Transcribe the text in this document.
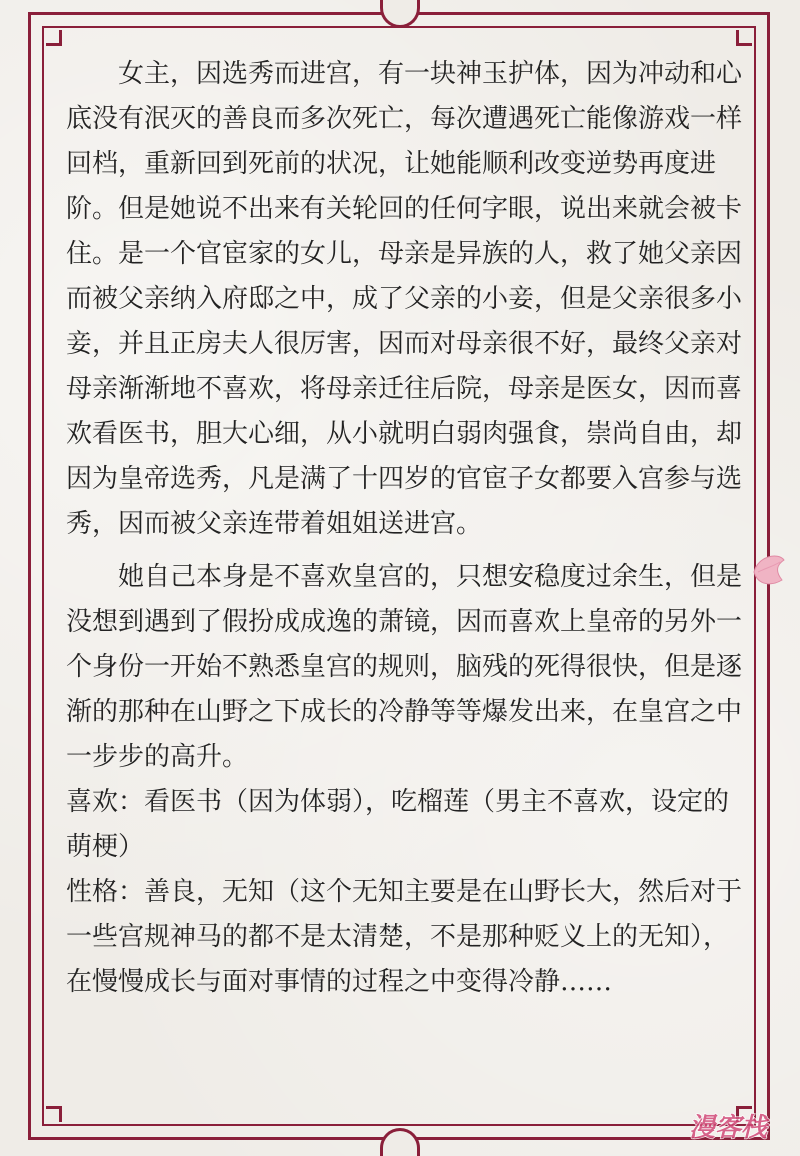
女主，因选秀而进宫，有一块神玉护体，因为冲动和心底没有泯灭的善良而多次死亡，每次遭遇死亡能像游戏一样回档，重新回到死前的状况，让她能顺利改变逆势再度进阶。但是她说不出来有关轮回的任何字眼，说出来就会被卡住。是一个官宦家的女儿，母亲是异族的人，救了她父亲因而被父亲纳入府邸之中，成了父亲的小妾，但是父亲很多小妾，并且正房夫人很厉害，因而对母亲很不好，最终父亲对母亲渐渐地不喜欢，将母亲迁往后院，母亲是医女，因而喜欢看医书，胆大心细，从小就明白弱肉强食，崇尚自由，却因为皇帝选秀，凡是满了十四岁的官宦子女都要入宫参与选秀，因而被父亲连带着姐姐送进宫。

她自己本身是不喜欢皇宫的，只想安稳度过余生，但是没想到遇到了假扮成成逸的萧镜，因而喜欢上皇帝的另外一个身份一开始不熟悉皇宫的规则，脑残的死得很快，但是逐渐的那种在山野之下成长的冷静等等爆发出来，在皇宫之中一步步的高升。

喜欢：看医书（因为体弱），吃榴莲（男主不喜欢，设定的萌梗）

性格：善良，无知（这个无知主要是在山野长大，然后对于一些宫规神马的都不是太清楚，不是那种贬义上的无知），在慢慢成长与面对事情的过程之中变得冷静……

漫客栈
